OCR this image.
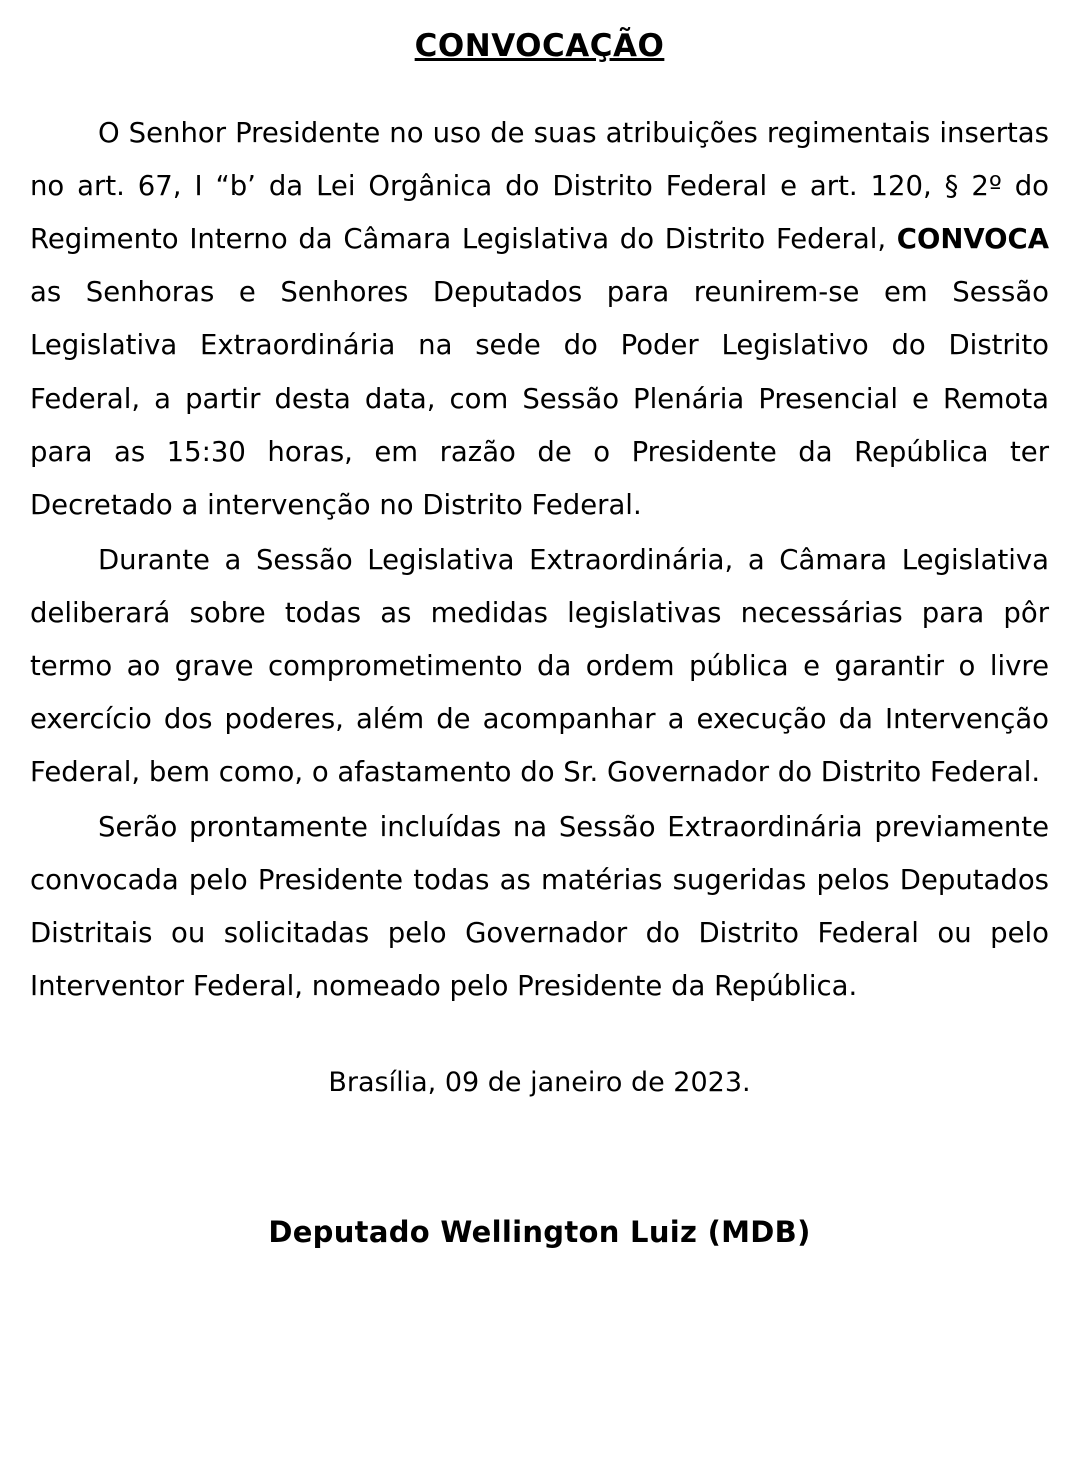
CONVOCAÇÃO

O Senhor Presidente no uso de suas atribuições regimentais insertas no art. 67, I “b’ da Lei Orgânica do Distrito Federal e art. 120, § 2º do Regimento Interno da Câmara Legislativa do Distrito Federal, CONVOCA as Senhoras e Senhores Deputados para reunirem-se em Sessão Legislativa Extraordinária na sede do Poder Legislativo do Distrito Federal, a partir desta data, com Sessão Plenária Presencial e Remota para as 15:30 horas, em razão de o Presidente da República ter Decretado a intervenção no Distrito Federal.

Durante a Sessão Legislativa Extraordinária, a Câmara Legislativa deliberará sobre todas as medidas legislativas necessárias para pôr termo ao grave comprometimento da ordem pública e garantir o livre exercício dos poderes, além de acompanhar a execução da Intervenção Federal, bem como, o afastamento do Sr. Governador do Distrito Federal.

Serão prontamente incluídas na Sessão Extraordinária previamente convocada pelo Presidente todas as matérias sugeridas pelos Deputados Distritais ou solicitadas pelo Governador do Distrito Federal ou pelo Interventor Federal, nomeado pelo Presidente da República.

Brasília, 09 de janeiro de 2023.

Deputado Wellington Luiz (MDB)
